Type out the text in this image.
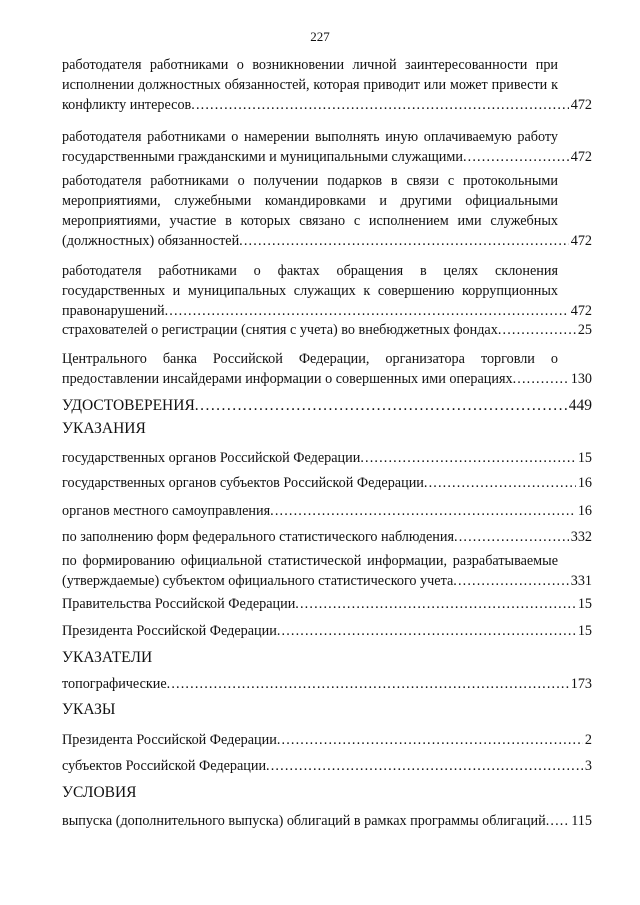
227
работодателя работниками о возникновении личной заинтересованности при исполнении должностных обязанностей, которая приводит или может привести к конфликту интересов . . .	472
работодателя работниками о намерении выполнять иную оплачиваемую работу государственными гражданскими и муниципальными служащими . . .	472
работодателя работниками о получении подарков в связи с протокольными мероприятиями, служебными командировками и другими официальными мероприятиями, участие в которых связано с исполнением ими служебных (должностных) обязанностей . . .	472
работодателя работниками о фактах обращения в целях склонения государственных и муниципальных служащих к совершению коррупционных правонарушений . . .	472
страхователей о регистрации (снятия с учета) во внебюджетных фондах . . .	25
Центрального банка Российской Федерации, организатора торговли о предоставлении инсайдерами информации о совершенных ими операциях . . .	130
УДОСТОВЕРЕНИЯ . . .	449
УКАЗАНИЯ
государственных органов Российской Федерации . . .	15
государственных органов субъектов Российской Федерации . . .	16
органов местного самоуправления . . .	16
по заполнению форм федерального статистического наблюдения . . .	332
по формированию официальной статистической информации, разрабатываемые (утверждаемые) субъектом официального статистического учета . . .	331
Правительства Российской Федерации . . .	15
Президента Российской Федерации . . .	15
УКАЗАТЕЛИ
топографические . . .	173
УКАЗЫ
Президента Российской Федерации . . .	2
субъектов Российской Федерации . . .	3
УСЛОВИЯ
выпуска (дополнительного выпуска) облигаций в рамках программы облигаций . . .	115
